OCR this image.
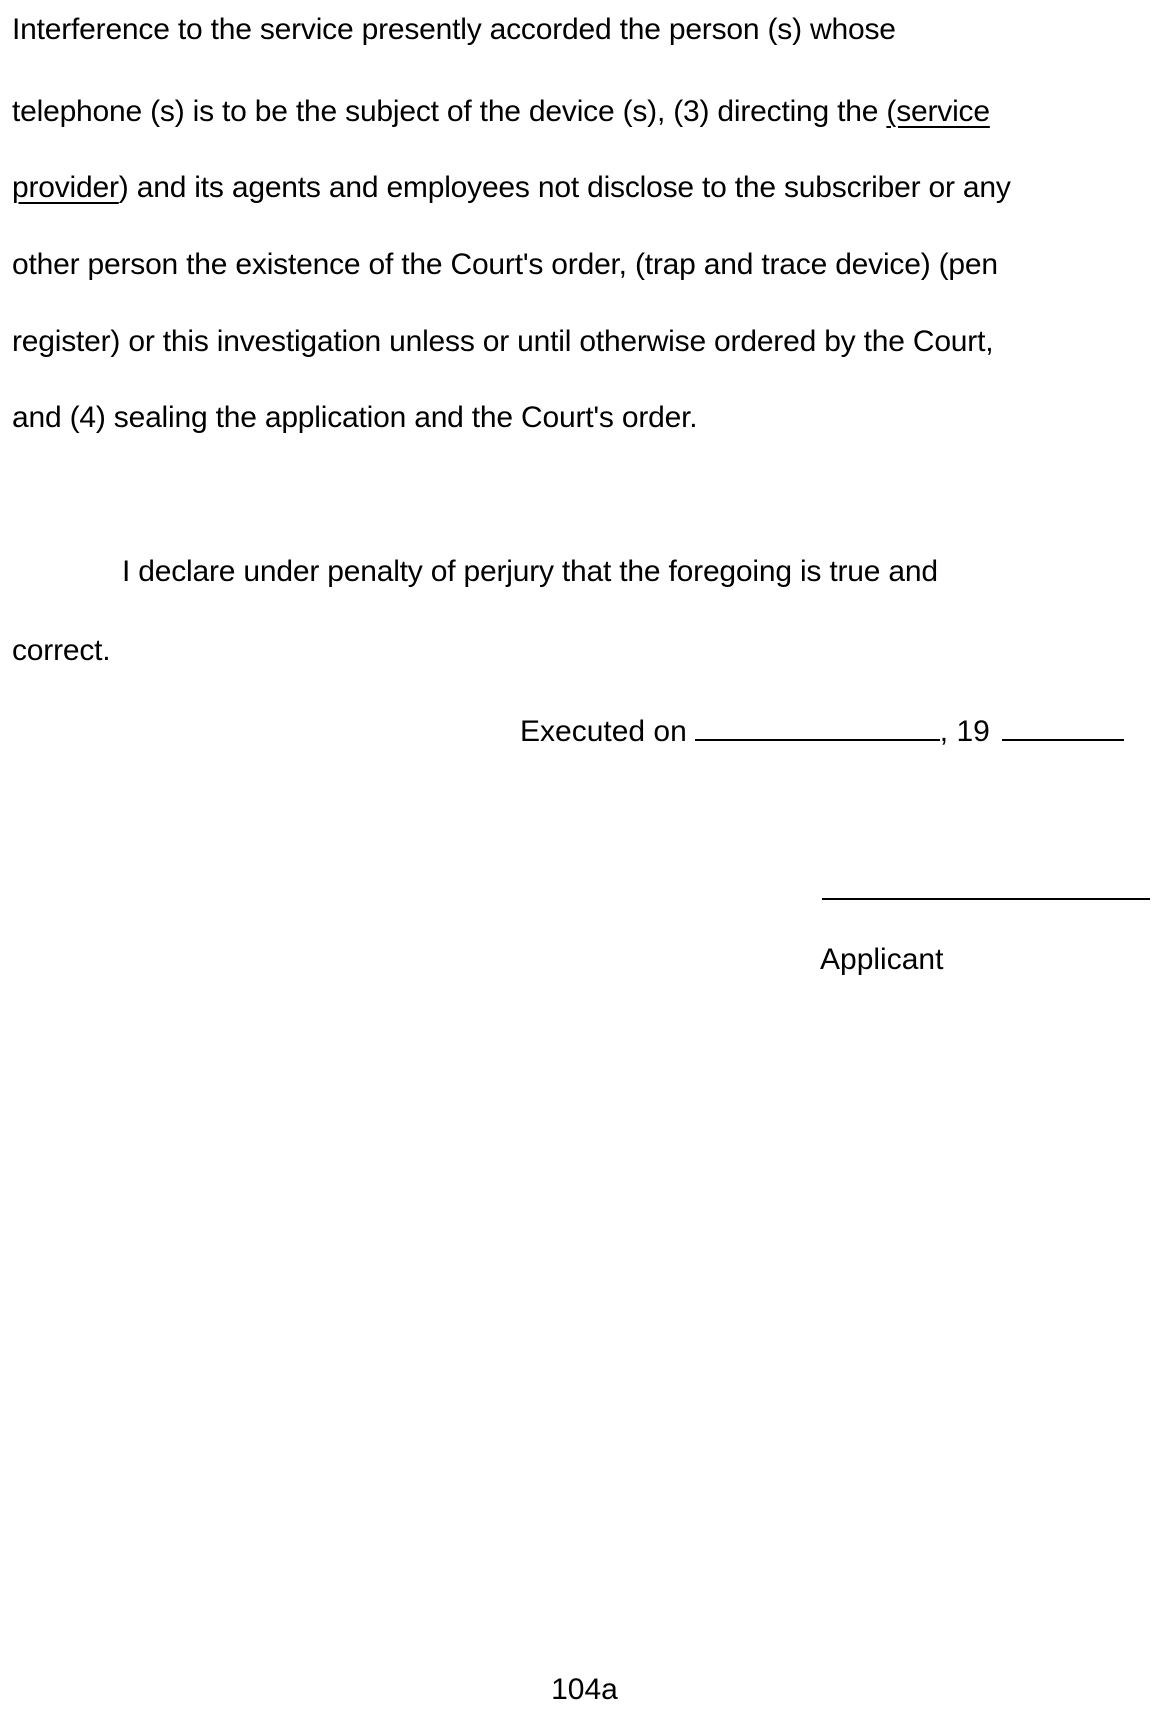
Interference to the service presently accorded the person (s) whose
telephone (s) is to be the subject of the device (s), (3) directing the (service
provider) and its agents and employees not disclose to the subscriber or any
other person the existence of the Court's order, (trap and trace device) (pen
register) or this investigation unless or until otherwise ordered by the Court,
and (4) sealing the application and the Court's order.
I declare under penalty of perjury that the foregoing is true and
correct.
Executed on	, 19
Applicant
104a
